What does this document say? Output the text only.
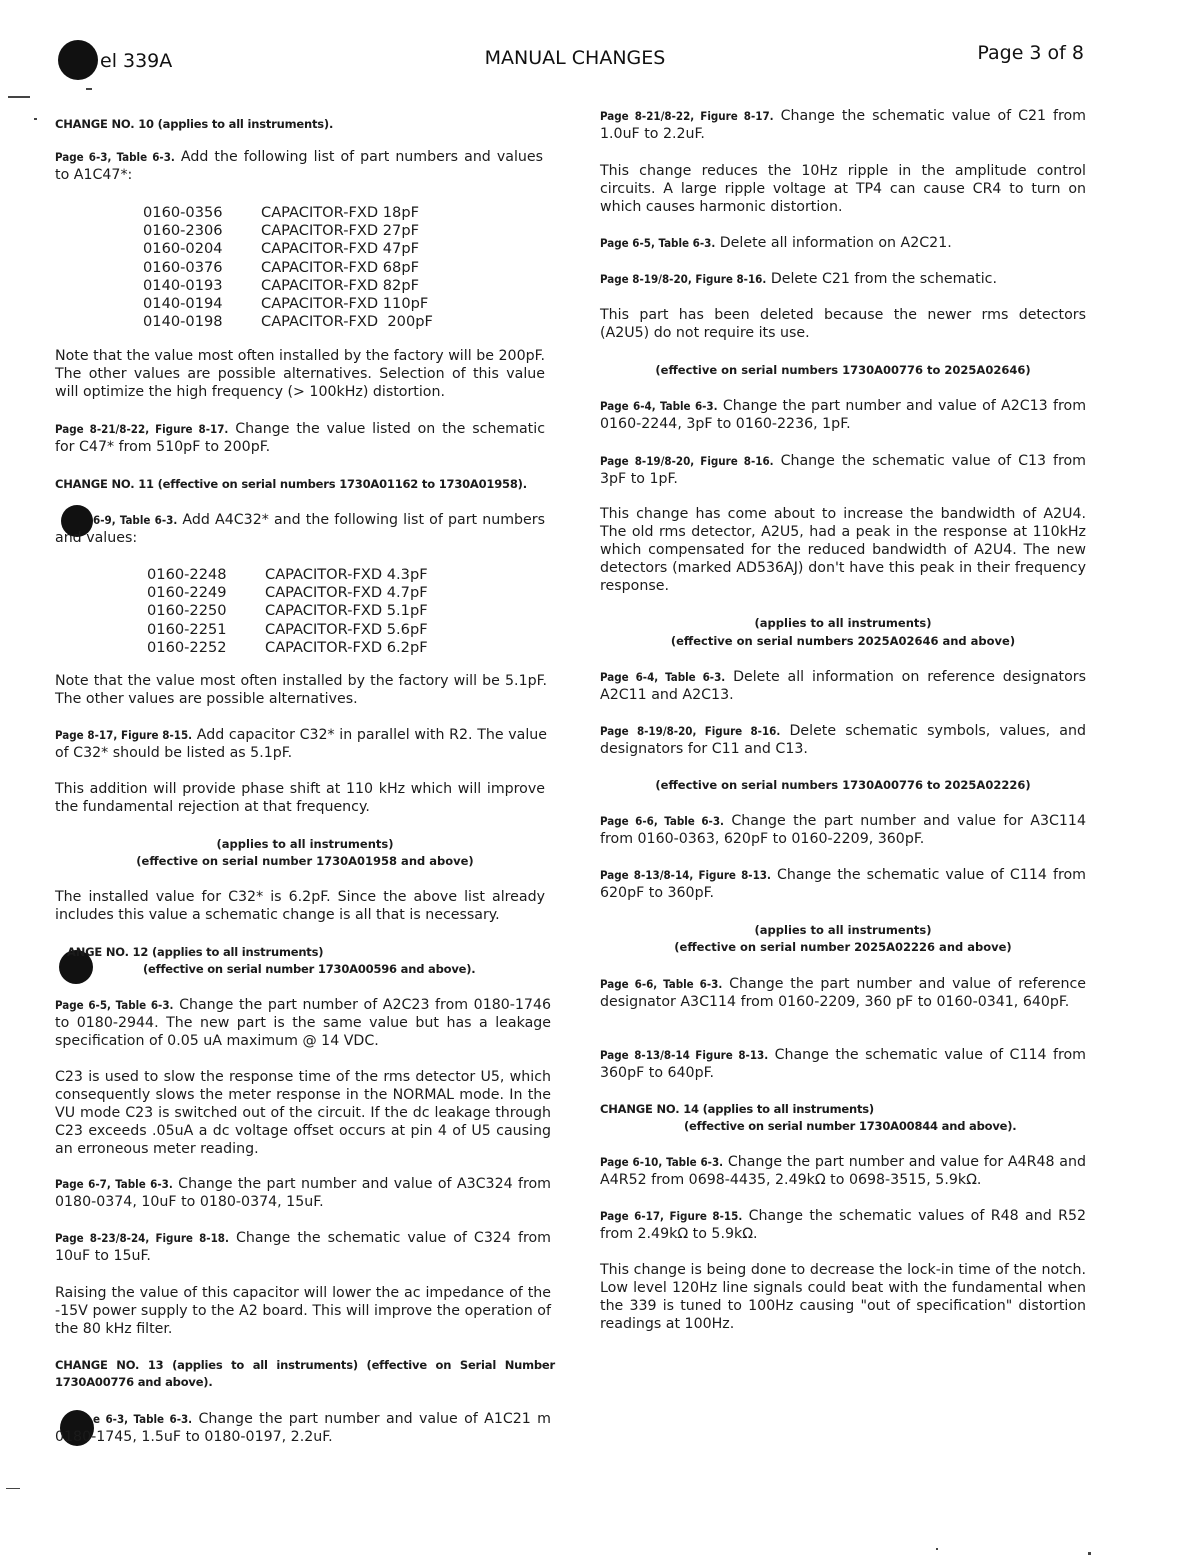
el 339A	MANUAL CHANGES	Page 3 of 8
CHANGE NO. 10 (applies to all instruments).
Page 6-3, Table 6-3. Add the following list of part numbers and values to A1C47*:
0160-0356	CAPACITOR-FXD 18pF
0160-2306	CAPACITOR-FXD 27pF
0160-0204	CAPACITOR-FXD 47pF
0160-0376	CAPACITOR-FXD 68pF
0140-0193	CAPACITOR-FXD 82pF
0140-0194	CAPACITOR-FXD 110pF
0140-0198	CAPACITOR-FXD  200pF
Note that the value most often installed by the factory will be 200pF. The other values are possible alternatives. Selection of this value will optimize the high frequency (> 100kHz) distortion.
Page 8-21/8-22, Figure 8-17. Change the value listed on the schematic for C47* from 510pF to 200pF.
CHANGE NO. 11 (effective on serial numbers 1730A01162 to 1730A01958).
6-9, Table 6-3. Add A4C32* and the following list of part numbers and values:
0160-2248	CAPACITOR-FXD 4.3pF
0160-2249	CAPACITOR-FXD 4.7pF
0160-2250	CAPACITOR-FXD 5.1pF
0160-2251	CAPACITOR-FXD 5.6pF
0160-2252	CAPACITOR-FXD 6.2pF
Note that the value most often installed by the factory will be 5.1pF. The other values are possible alternatives.
Page 8-17, Figure 8-15. Add capacitor C32* in parallel with R2. The value of C32* should be listed as 5.1pF.
This addition will provide phase shift at 110 kHz which will improve the fundamental rejection at that frequency.
(applies to all instruments)
(effective on serial number 1730A01958 and above)
The installed value for C32* is 6.2pF. Since the above list already includes this value a schematic change is all that is necessary.
ANGE NO. 12 (applies to all instruments)
(effective on serial number 1730A00596 and above).
Page 6-5, Table 6-3. Change the part number of A2C23 from 0180-1746 to 0180-2944. The new part is the same value but has a leakage specification of 0.05 uA maximum @ 14 VDC.
C23 is used to slow the response time of the rms detector U5, which consequently slows the meter response in the NORMAL mode. In the VU mode C23 is switched out of the circuit. If the dc leakage through C23 exceeds .05uA a dc voltage offset occurs at pin 4 of U5 causing an erroneous meter reading.
Page 6-7, Table 6-3. Change the part number and value of A3C324 from 0180-0374, 10uF to 0180-0374, 15uF.
Page 8-23/8-24, Figure 8-18. Change the schematic value of C324 from 10uF to 15uF.
Raising the value of this capacitor will lower the ac impedance of the -15V power supply to the A2 board. This will improve the operation of the 80 kHz filter.
CHANGE NO. 13 (applies to all instruments) (effective on Serial Number 1730A00776 and above).
e 6-3, Table 6-3. Change the part number and value of A1C21 m 0180-1745, 1.5uF to 0180-0197, 2.2uF.
Page 8-21/8-22, Figure 8-17. Change the schematic value of C21 from 1.0uF to 2.2uF.
This change reduces the 10Hz ripple in the amplitude control circuits. A large ripple voltage at TP4 can cause CR4 to turn on which causes harmonic distortion.
Page 6-5, Table 6-3. Delete all information on A2C21.
Page 8-19/8-20, Figure 8-16. Delete C21 from the schematic.
This part has been deleted because the newer rms detectors (A2U5) do not require its use.
(effective on serial numbers 1730A00776 to 2025A02646)
Page 6-4, Table 6-3. Change the part number and value of A2C13 from 0160-2244, 3pF to 0160-2236, 1pF.
Page 8-19/8-20, Figure 8-16. Change the schematic value of C13 from 3pF to 1pF.
This change has come about to increase the bandwidth of A2U4. The old rms detector, A2U5, had a peak in the response at 110kHz which compensated for the reduced bandwidth of A2U4. The new detectors (marked AD536AJ) don't have this peak in their frequency response.
(applies to all instruments)
(effective on serial numbers 2025A02646 and above)
Page 6-4, Table 6-3. Delete all information on reference designators A2C11 and A2C13.
Page 8-19/8-20, Figure 8-16. Delete schematic symbols, values, and designators for C11 and C13.
(effective on serial numbers 1730A00776 to 2025A02226)
Page 6-6, Table 6-3. Change the part number and value for A3C114 from 0160-0363, 620pF to 0160-2209, 360pF.
Page 8-13/8-14, Figure 8-13. Change the schematic value of C114 from 620pF to 360pF.
(applies to all instruments)
(effective on serial number 2025A02226 and above)
Page 6-6, Table 6-3. Change the part number and value of reference designator A3C114 from 0160-2209, 360 pF to 0160-0341, 640pF.
Page 8-13/8-14 Figure 8-13. Change the schematic value of C114 from 360pF to 640pF.
CHANGE NO. 14 (applies to all instruments)
(effective on serial number 1730A00844 and above).
Page 6-10, Table 6-3. Change the part number and value for A4R48 and A4R52 from 0698-4435, 2.49kΩ to 0698-3515, 5.9kΩ.
Page 6-17, Figure 8-15. Change the schematic values of R48 and R52 from 2.49kΩ to 5.9kΩ.
This change is being done to decrease the lock-in time of the notch. Low level 120Hz line signals could beat with the fundamental when the 339 is tuned to 100Hz causing "out of specification" distortion readings at 100Hz.
